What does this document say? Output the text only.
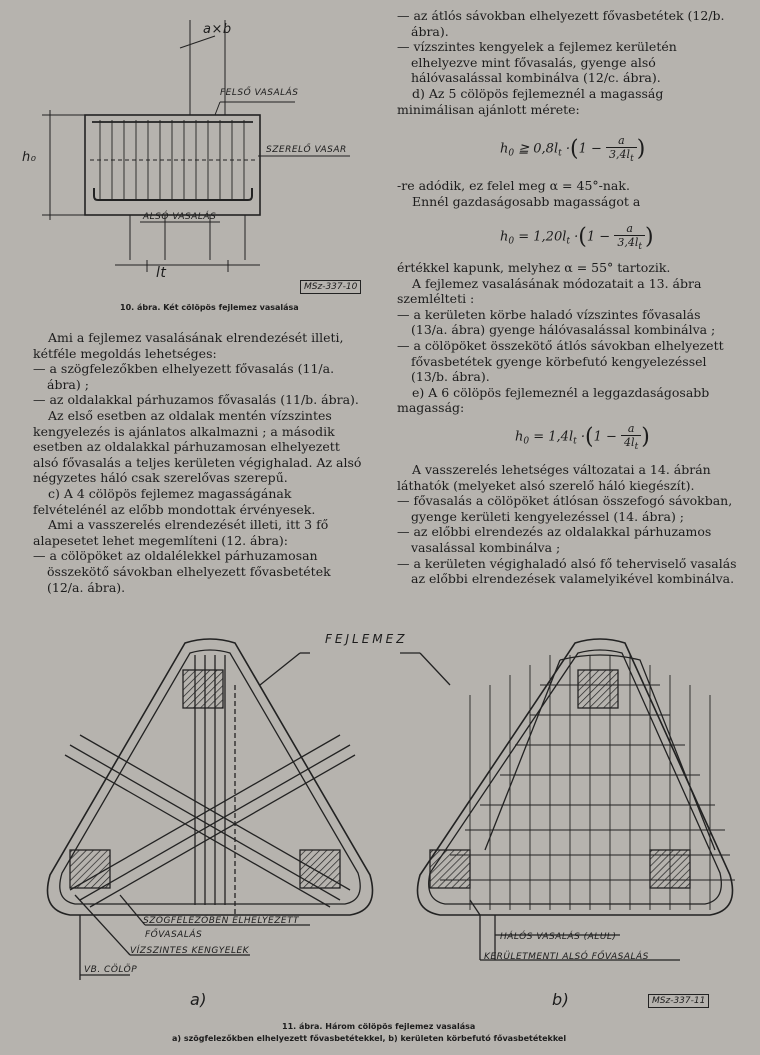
a×b
FELSŐ VASALÁS
SZERELŐ VASAR
ALSÓ VASALÁS
h₀
lt
MSz-337-10
10. ábra. Két cölöpös fejlemez vasalása

Ami a fejlemez vasalásának elrendezését illeti, kétféle megoldás lehetséges:

— a szögfelezőkben elhelyezett fővasalás (11/a. ábra) ;

— az oldalakkal párhuzamos fővasalás (11/b. ábra).

Az első esetben az oldalak mentén vízszintes kengyelezés is ajánlatos alkalmazni ; a második esetben az oldalakkal párhuzamosan elhelyezett alsó fővasalás a teljes kerületen végighalad. Az alsó négyzetes háló csak szerelővas szerepű.

c) A 4 cölöpös fejlemez magasságának felvételénél az előbb mondottak érvényesek.

Ami a vasszerelés elrendezését illeti, itt 3 fő alapesetet lehet megemlíteni (12. ábra):

— a cölöpöket az oldalélekkel párhuzamosan összekötő sávokban elhelyezett fővasbetétek (12/a. ábra).

— az átlós sávokban elhelyezett fővasbetétek (12/b. ábra).

— vízszintes kengyelek a fejlemez kerületén elhelyezve mint fővasalás, gyenge alsó hálóvasalással kombinálva (12/c. ábra).

d) Az 5 cölöpös fejlemeznél a magasság minimálisan ajánlott mérete:

$h_0$ ≧ $0,8l_t \cdot(1 - \frac{a}{3,4l_t}$ )

-re adódik, ez felel meg α = 45°-nak.

Ennél gazdaságosabb magasságot a

$h_0 = 1,20l_t \cdot(1 - \frac{a}{3,4l_t}$ )

értékkel kapunk, melyhez α = 55° tartozik.

A fejlemez vasalásának módozatait a 13. ábra szemlélteti :

— a kerületen körbe haladó vízszintes fővasalás (13/a. ábra) gyenge hálóvasalással kombinálva ;

— a cölöpöket összekötő átlós sávokban elhelyezett fővasbetétek gyenge körbefutó kengyelezéssel (13/b. ábra).

e) A 6 cölöpös fejlemeznél a leggazdaságosabb magasság:

$h_0 = 1,4l_t \cdot(1 - \frac{a}{4l_t}$ )

A vasszerelés lehetséges változatai a 14. ábrán láthatók (melyeket alsó szerelő háló kiegészít).

— fővasalás a cölöpöket átlósan összefogó sávokban, gyenge kerületi kengyelezéssel (14. ábra) ;

— az előbbi elrendezés az oldalakkal párhuzamos vasalással kombinálva ;

— a kerületen végighaladó alsó fő teherviselő vasalás az előbbi elrendezések valamelyikével kombinálva.

FEJLEMEZ
SZÖGFELEZŐBEN ELHELYEZETT
FŐVASALÁS
VÍZSZINTES KENGYELEK
VB. CÖLÖP
HÁLÓS VASALÁS (ALUL)
KERÜLETMENTI ALSÓ FŐVASALÁS
a)	b)	MSz-337-11
11. ábra. Három cölöpös fejlemez vasalása
a) szögfelezőkben elhelyezett fővasbetétekkel, b) kerületen körbefutó fővasbetétekkel
